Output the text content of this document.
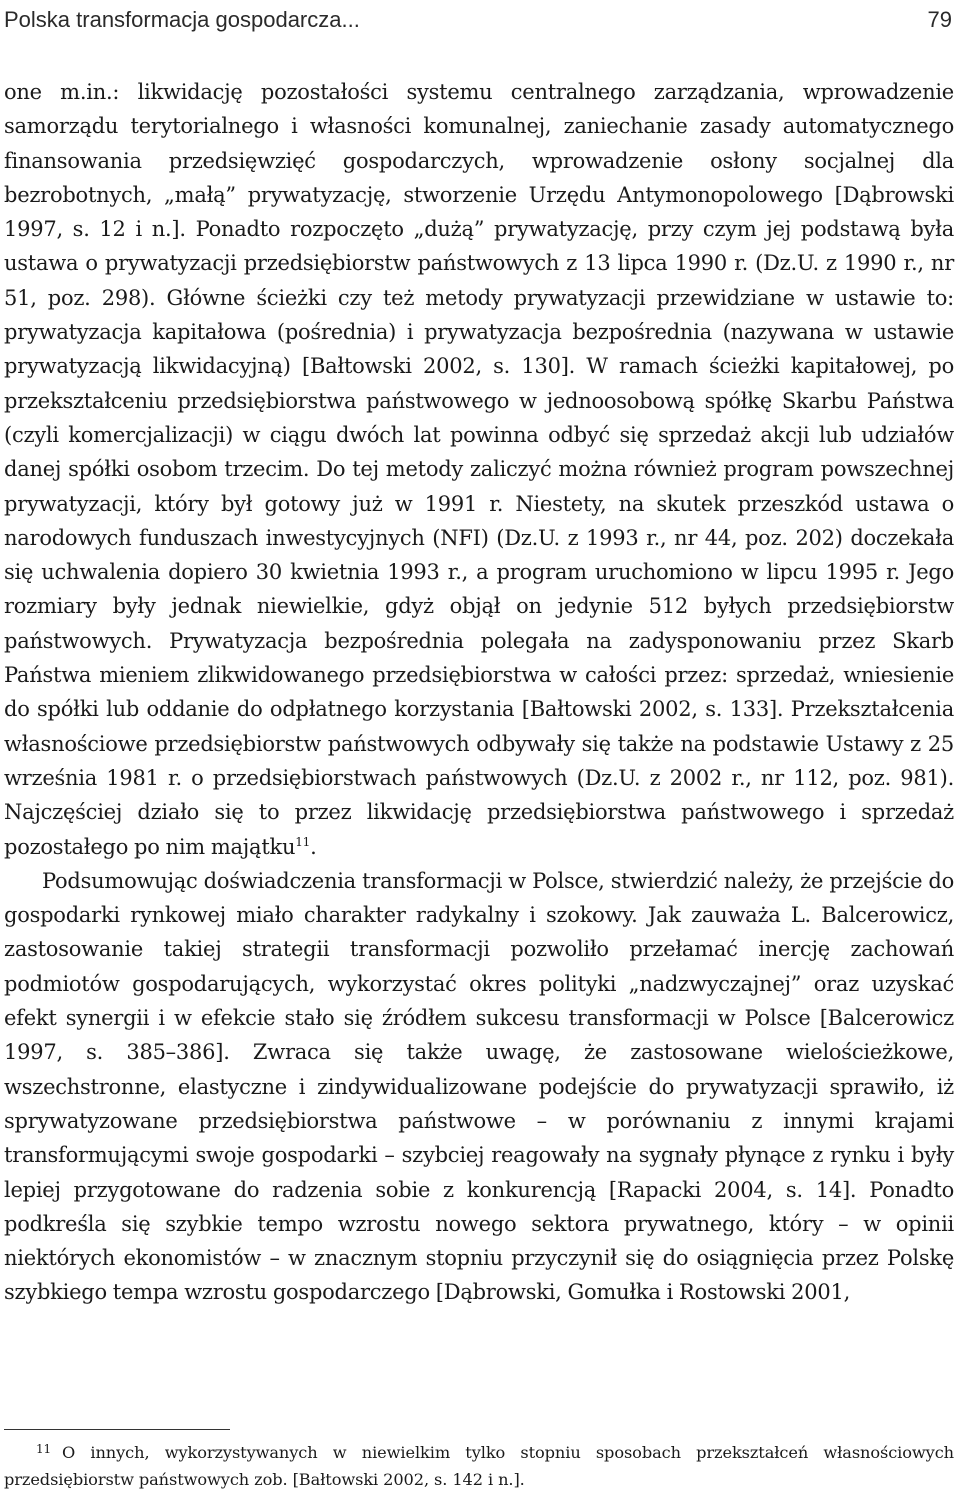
Polska transformacja gospodarcza...	79

one m.in.: likwidację pozostałości systemu centralnego zarządzania, wprowadzenie samorządu terytorialnego i własności komunalnej, zaniechanie zasady automatycznego finansowania przedsięwzięć gospodarczych, wprowadzenie osłony socjalnej dla bezrobotnych, „małą” prywatyzację, stworzenie Urzędu Antymonopolowego [Dąbrowski 1997, s. 12 i n.]. Ponadto rozpoczęto „dużą” prywatyzację, przy czym jej podstawą była ustawa o prywatyzacji przedsiębiorstw państwowych z 13 lipca 1990 r. (Dz.U. z 1990 r., nr 51, poz. 298). Główne ścieżki czy też metody prywatyzacji przewidziane w ustawie to: prywatyzacja kapitałowa (pośrednia) i prywatyzacja bezpośrednia (nazywana w ustawie prywatyzacją likwidacyjną) [Bałtowski 2002, s. 130]. W ramach ścieżki kapitałowej, po przekształceniu przedsiębiorstwa państwowego w jednoosobową spółkę Skarbu Państwa (czyli komercjalizacji) w ciągu dwóch lat powinna odbyć się sprzedaż akcji lub udziałów danej spółki osobom trzecim. Do tej metody zaliczyć można również program powszechnej prywatyzacji, który był gotowy już w 1991 r. Niestety, na skutek przeszkód ustawa o narodowych funduszach inwestycyjnych (NFI) (Dz.U. z 1993 r., nr 44, poz. 202) doczekała się uchwalenia dopiero 30 kwietnia 1993 r., a program uruchomiono w lipcu 1995 r. Jego rozmiary były jednak niewielkie, gdyż objął on jedynie 512 byłych przedsiębiorstw państwowych. Prywatyzacja bezpośrednia polegała na zadysponowaniu przez Skarb Państwa mieniem zlikwidowanego przedsiębiorstwa w całości przez: sprzedaż, wniesienie do spółki lub oddanie do odpłatnego korzystania [Bałtowski 2002, s. 133]. Przekształcenia własnościowe przedsiębiorstw państwowych odbywały się także na podstawie Ustawy z 25 września 1981 r. o przedsiębiorstwach państwowych (Dz.U. z 2002 r., nr 112, poz. 981). Najczęściej działo się to przez likwidację przedsiębiorstwa państwowego i sprzedaż pozostałego po nim majątku$^{11}$.

Podsumowując doświadczenia transformacji w Polsce, stwierdzić należy, że przejście do gospodarki rynkowej miało charakter radykalny i szokowy. Jak zauważa L. Balcerowicz, zastosowanie takiej strategii transformacji pozwoliło przełamać inercję zachowań podmiotów gospodarujących, wykorzystać okres polityki „nadzwyczajnej” oraz uzyskać efekt synergii i w efekcie stało się źródłem sukcesu transformacji w Polsce [Balcerowicz 1997, s. 385–386]. Zwraca się także uwagę, że zastosowane wielościeżkowe, wszechstronne, elastyczne i zindywidualizowane podejście do prywatyzacji sprawiło, iż sprywatyzowane przedsiębiorstwa państwowe – w porównaniu z innymi krajami transformującymi swoje gospodarki – szybciej reagowały na sygnały płynące z rynku i były lepiej przygotowane do radzenia sobie z konkurencją [Rapacki 2004, s. 14]. Ponadto podkreśla się szybkie tempo wzrostu nowego sektora prywatnego, który – w opinii niektórych ekonomistów – w znacznym stopniu przyczynił się do osiągnięcia przez Polskę szybkiego tempa wzrostu gospodarczego [Dąbrowski, Gomułka i Rostowski 2001,

11 O innych, wykorzystywanych w niewielkim tylko stopniu sposobach przekształceń własnościowych przedsiębiorstw państwowych zob. [Bałtowski 2002, s. 142 i n.].
